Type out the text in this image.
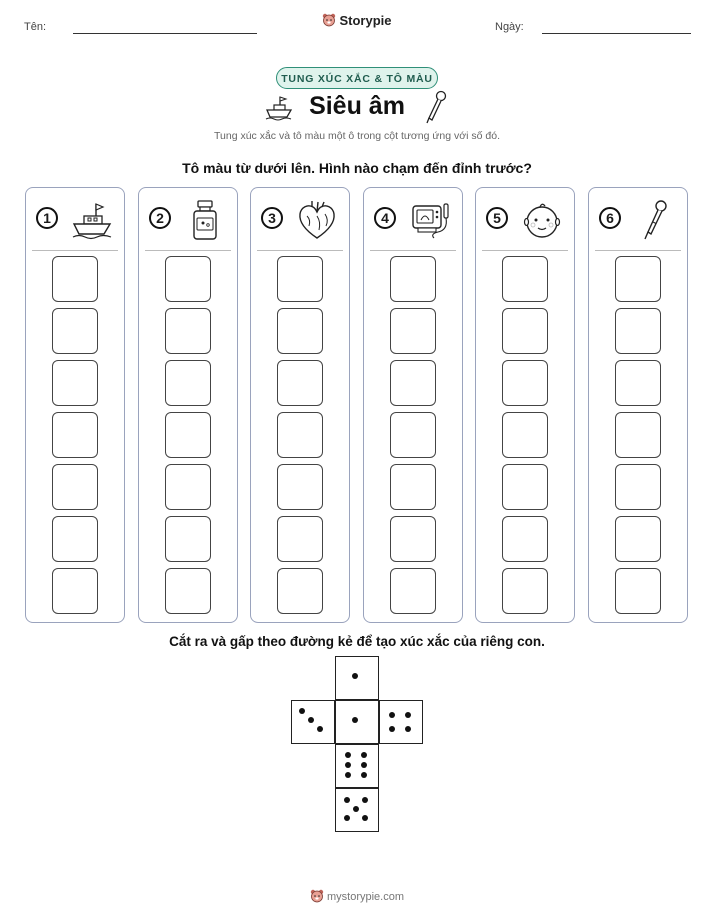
Tên:	Storypie	Ngày:
TUNG XÚC XẮC & TÔ MÀU
Siêu âm
Tung xúc xắc và tô màu một ô trong cột tương ứng với số đó.
Tô màu từ dưới lên. Hình nào chạm đến đỉnh trước?
1	2	3	4	5	6
Cắt ra và gấp theo đường kẻ để tạo xúc xắc của riêng con.
mystorypie.com
